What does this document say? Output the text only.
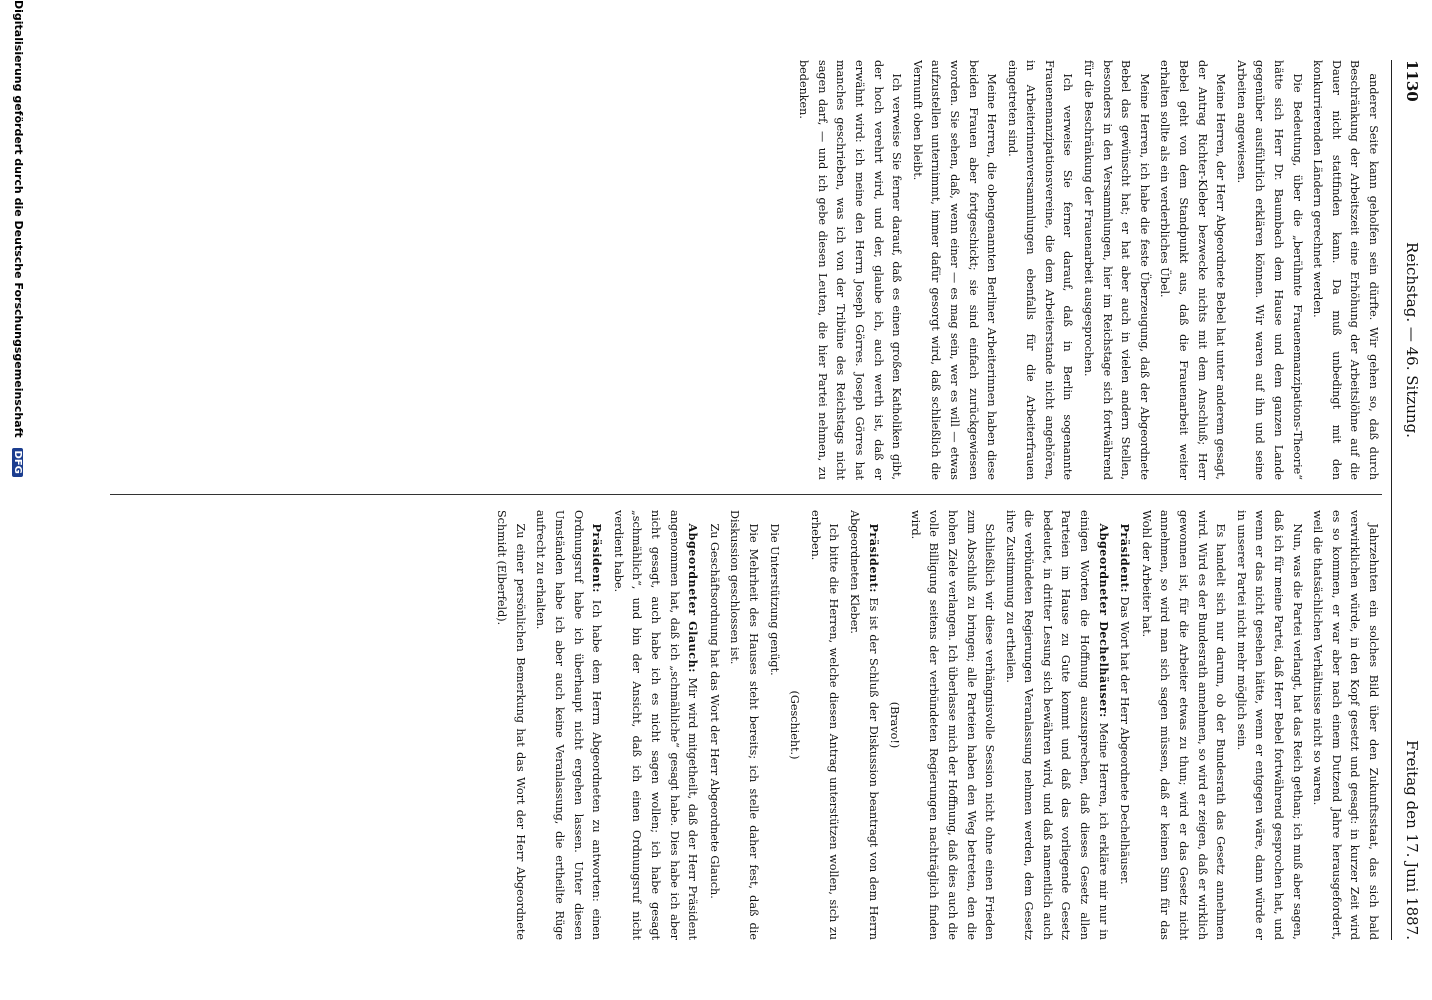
1130
Reichstag. — 46. Sitzung.
Freitag den 17. Juni 1887.

anderer Seite kann geholfen sein dürfte. Wir gehen so, daß durch Beschränkung der Arbeitszeit eine Erhöhung der Arbeitslöhne auf die Dauer nicht stattfinden kann. Da muß unbedingt mit den konkurrierenden Ländern gerechnet werden.

Die Bedeutung, über die „berühmte Frauenemanzipations-Theorie“ hätte sich Herr Dr. Baumbach dem Hause und dem ganzen Lande gegenüber ausführlich erklären können. Wir waren auf ihn und seine Arbeiten angewiesen.

Meine Herren, der Herr Abgeordnete Bebel hat unter anderem gesagt, der Antrag Richter-Kleber bezwecke nichts mit dem Anschluß; Herr Bebel geht von dem Standpunkt aus, daß die Frauenarbeit weiter erhalten sollte als ein verderbliches Übel.

Meine Herren, ich habe die feste Überzeugung, daß der Abgeordnete Bebel das gewünscht hat; er hat aber auch in vielen andern Stellen, besonders in den Versammlungen, hier im Reichstage sich fortwährend für die Beschränkung der Frauenarbeit ausgesprochen.

Ich verweise Sie ferner darauf, daß in Berlin sogenannte Frauenemanzipationsvereine, die dem Arbeiterstande nicht angehören, in Arbeiterinnenversammlungen ebenfalls für die Arbeiterfrauen eingetreten sind.

Meine Herren, die obengenannten Berliner Arbeiterinnen haben diese beiden Frauen aber fortgeschickt; sie sind einfach zurückgewiesen worden. Sie sehen, daß, wenn einer — es mag sein, wer es will — etwas aufzustellen unternimmt, immer dafür gesorgt wird, daß schließlich die Vernunft oben bleibt.

Ich verweise Sie ferner darauf, daß es einen großen Katholiken gibt, der hoch verehrt wird, und der, glaube ich, auch werth ist, daß er erwähnt wird: ich meine den Herrn Joseph Görres. Joseph Görres hat manches geschrieben, was ich von der Tribüne des Reichstags nicht sagen darf, — und ich gebe diesen Leuten, die hier Partei nehmen, zu bedenken.

Jahrzehnten ein solches Bild über den Zukunftsstaat, das sich bald verwirklichen würde, in den Kopf gesetzt und gesagt: in kurzer Zeit wird es so kommen, er war aber nach einem Dutzend Jahre herausgefordert, weil die thatsächlichen Verhältnisse nicht so waren.

Nun, was die Partei verlangt, hat das Reich gethan; ich muß aber sagen, daß ich für meine Partei, daß Herr Bebel fortwährend gesprochen hat, und wenn er das nicht gesehen hätte, wenn er entgegen wäre, dann würde er in unserer Partei nicht mehr möglich sein.

Es handelt sich nur darum, ob der Bundesrath das Gesetz annehmen wird. Wird es der Bundesrath annehmen, so wird er zeigen, daß er wirklich gewonnen ist, für die Arbeiter etwas zu thun; wird er das Gesetz nicht annehmen, so wird man sich sagen müssen, daß er keinen Sinn für das Wohl der Arbeiter hat.

Präsident: Das Wort hat der Herr Abgeordnete Dechelhäuser.

Abgeordneter Dechelhäuser: Meine Herren, ich erkläre mir nur in einigen Worten die Hoffnung auszusprechen, daß dieses Gesetz allen Parteien im Hause zu Gute kommt und daß das vorliegende Gesetz bedeutet, in dritter Lesung sich bewähren wird, und daß namentlich auch die verbündeten Regierungen Veranlassung nehmen werden, dem Gesetz ihre Zustimmung zu ertheilen.

Schließlich wir diese verhängnisvolle Session nicht ohne einen Frieden zum Abschluß zu bringen; alle Parteien haben den Weg betreten, den die hohen Ziele verlangen. Ich überlasse mich der Hoffnung, daß dies auch die volle Billigung seitens der verbündeten Regierungen nachträglich finden wird.

(Bravo!)

Präsident: Es ist der Schluß der Diskussion beantragt von dem Herrn Abgeordneten Kleber.

Ich bitte die Herren, welche diesen Antrag unterstützen wollen, sich zu erheben.

(Geschieht.)

Die Unterstützung genügt.

Die Mehrheit des Hauses steht bereits; ich stelle daher fest, daß die Diskussion geschlossen ist.

Zu Geschäftsordnung hat das Wort der Herr Abgeordnete Glauch.

Abgeordneter Glauch: Mir wird mitgetheilt, daß der Herr Präsident angenommen hat, daß ich „schmähliche“ gesagt habe. Dies habe ich aber nicht gesagt, auch habe ich es nicht sagen wollen; ich habe gesagt „schmählich“, und bin der Ansicht, daß ich einen Ordnungsruf nicht verdient habe.

Präsident: Ich habe dem Herrn Abgeordneten zu antworten: einen Ordnungsruf habe ich überhaupt nicht ergehen lassen. Unter diesen Umständen habe ich aber auch keine Veranlassung, die ertheilte Rüge aufrecht zu erhalten.

Zu einer persönlichen Bemerkung hat das Wort der Herr Abgeordnete Schmidt (Elberfeld).

Digitalisierung gefördert durch die Deutsche Forschungsgemeinschaft DFG
